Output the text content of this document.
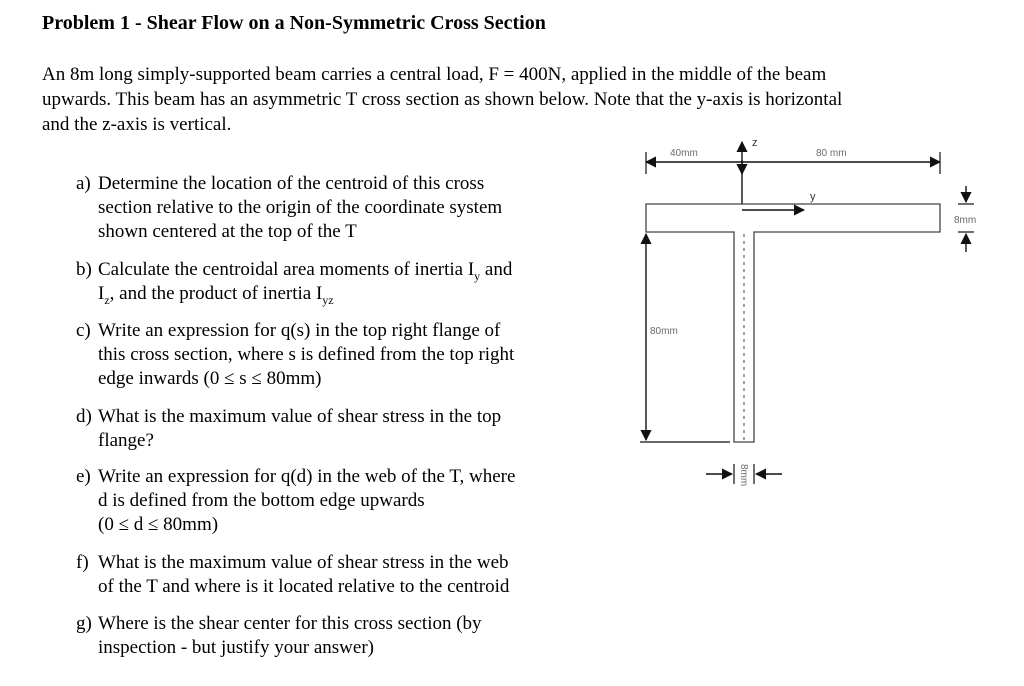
Problem 1 - Shear Flow on a Non-Symmetric Cross Section
An 8m long simply-supported beam carries a central load, F = 400N, applied in the middle of the beam
upwards. This beam has an asymmetric T cross section as shown below. Note that the y-axis is horizontal
and the z-axis is vertical.
a) Determine the location of the centroid of this cross
section relative to the origin of the coordinate system
shown centered at the top of the T
b) Calculate the centroidal area moments of inertia $I_y$ and
$I_z$, and the product of inertia $I_{yz}$
c) Write an expression for q(s) in the top right flange of
this cross section, where s is defined from the top right
edge inwards (0 ≤ s ≤ 80mm)
d) What is the maximum value of shear stress in the top
flange?
e) Write an expression for q(d) in the web of the T, where
d is defined from the bottom edge upwards
(0 ≤ d ≤ 80mm)
f) What is the maximum value of shear stress in the web
of the T and where is it located relative to the centroid
g) Where is the shear center for this cross section (by
inspection - but justify your answer)
40mm	80 mm
z
y
8mm
80mm
8mm
